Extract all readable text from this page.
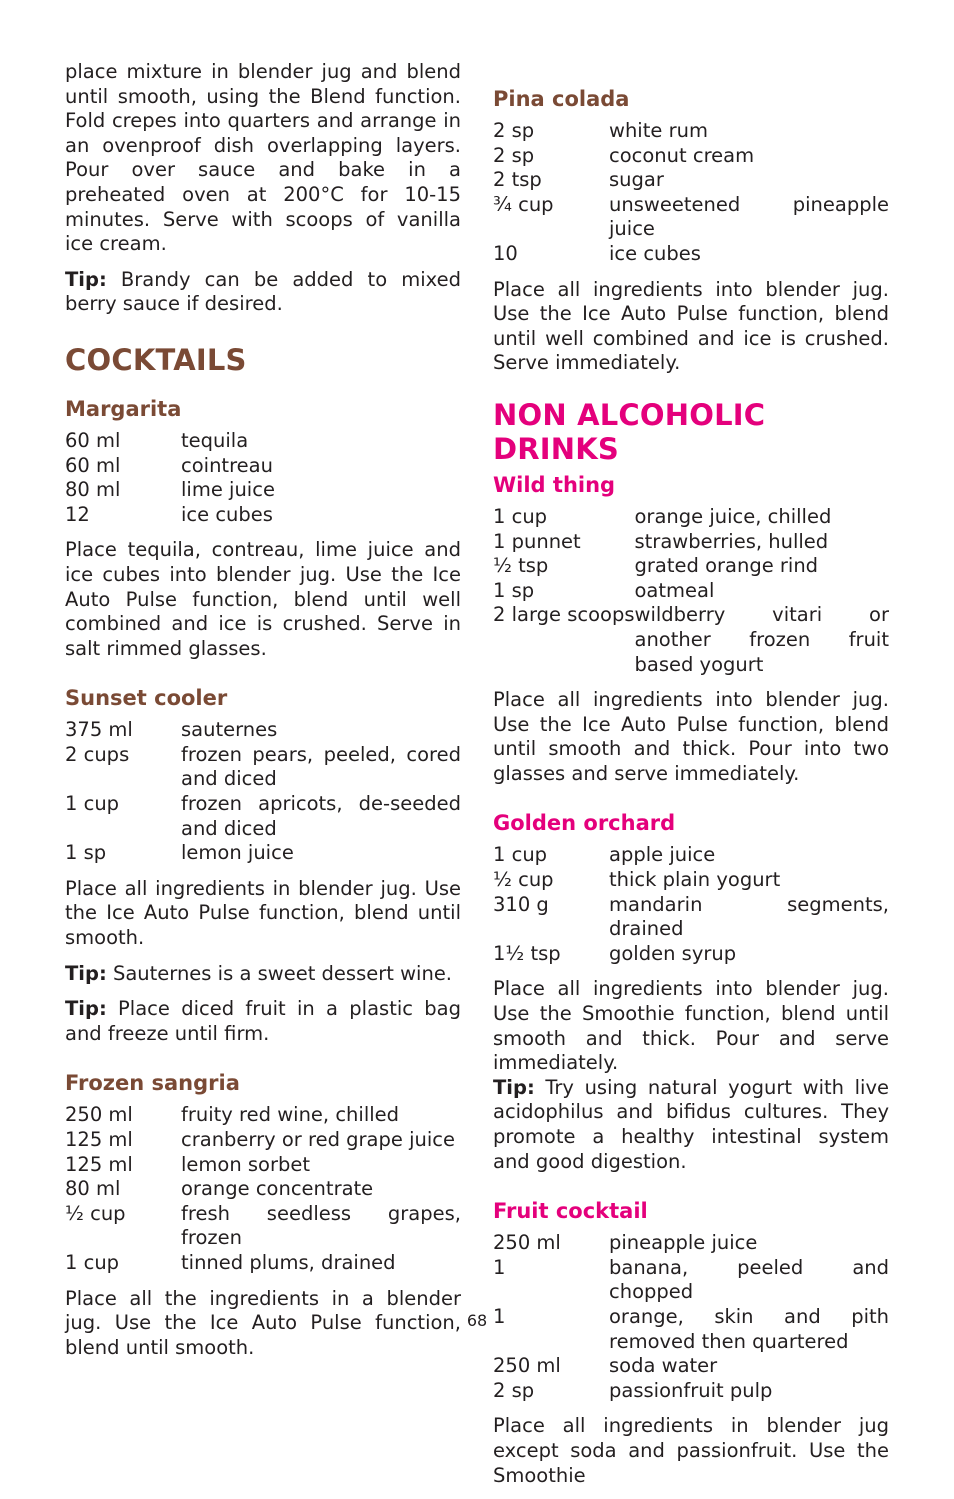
place mixture in blender jug and blend until smooth, using the Blend function. Fold crepes into quarters and arrange in an ovenproof dish overlapping layers. Pour over sauce and bake in a preheated oven at 200°C for 10-15 minutes. Serve with scoops of vanilla ice cream.

Tip: Brandy can be added to mixed berry sauce if desired.

COCKTAILS
Margarita
60 ml	tequila
60 ml	cointreau
80 ml	lime juice
12	ice cubes

Place tequila, contreau, lime juice and ice cubes into blender jug. Use the Ice Auto Pulse function, blend until well combined and ice is crushed. Serve in salt rimmed glasses.

Sunset cooler
375 ml	sauternes
2 cups	frozen pears, peeled, cored and diced
1 cup	frozen apricots, de-seeded and diced
1 sp	lemon juice

Place all ingredients in blender jug. Use the Ice Auto Pulse function, blend until smooth.

Tip: Sauternes is a sweet dessert wine.

Tip: Place diced fruit in a plastic bag and freeze until firm.

Frozen sangria
250 ml	fruity red wine, chilled
125 ml	cranberry or red grape juice
125 ml	lemon sorbet
80 ml	orange concentrate
½ cup	fresh seedless grapes, frozen
1 cup	tinned plums, drained

Place all the ingredients in a blender jug. Use the Ice Auto Pulse function, blend until smooth.

Pina colada
2 sp	white rum
2 sp	coconut cream
2 tsp	sugar
¾ cup	unsweetened pineapple juice
10	ice cubes

Place all ingredients into blender jug. Use the Ice Auto Pulse function, blend until well combined and ice is crushed. Serve immediately.

NON ALCOHOLIC DRINKS
Wild thing
1 cup	orange juice, chilled
1 punnet	strawberries, hulled
½ tsp	grated orange rind
1 sp	oatmeal
2 large scoops	wildberry vitari or another frozen fruit based yogurt

Place all ingredients into blender jug. Use the Ice Auto Pulse function, blend until smooth and thick. Pour into two glasses and serve immediately.

Golden orchard
1 cup	apple juice
½ cup	thick plain yogurt
310 g	mandarin segments, drained
1½ tsp	golden syrup

Place all ingredients into blender jug. Use the Smoothie function, blend until smooth and thick. Pour and serve immediately.

Tip: Try using natural yogurt with live acidophilus and bifidus cultures. They promote a healthy intestinal system and good digestion.

Fruit cocktail
250 ml	pineapple juice
1	banana, peeled and chopped
1	orange, skin and pith removed then quartered
250 ml	soda water
2 sp	passionfruit pulp

Place all ingredients in blender jug except soda and passionfruit. Use the Smoothie

68
